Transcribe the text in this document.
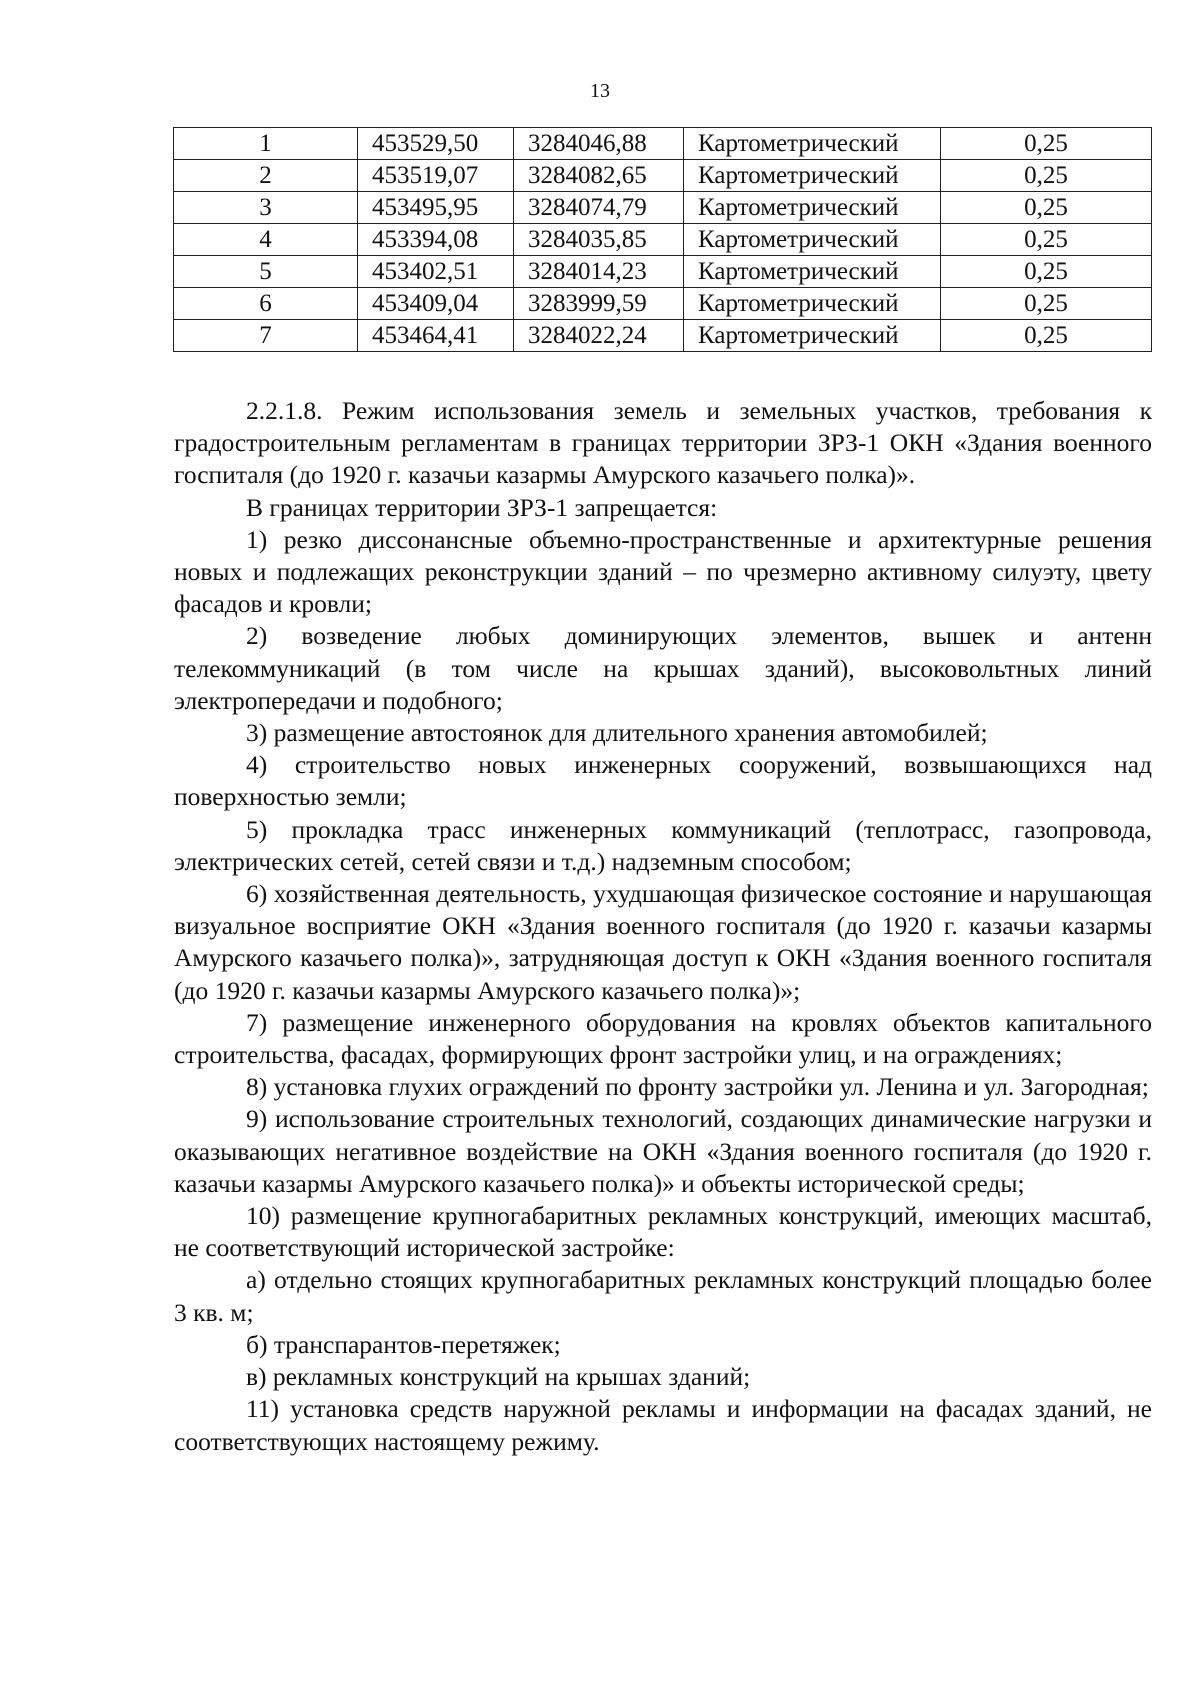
13
1	453529,50	3284046,88	Картометрический	0,25
2	453519,07	3284082,65	Картометрический	0,25
3	453495,95	3284074,79	Картометрический	0,25
4	453394,08	3284035,85	Картометрический	0,25
5	453402,51	3284014,23	Картометрический	0,25
6	453409,04	3283999,59	Картометрический	0,25
7	453464,41	3284022,24	Картометрический	0,25

2.2.1.8. Режим использования земель и земельных участков, требования к градостроительным регламентам в границах территории ЗРЗ-1 ОКН «Здания военного госпиталя (до 1920 г. казачьи казармы Амурского казачьего полка)».

В границах территории ЗРЗ-1 запрещается:

1) резко диссонансные объемно-пространственные и архитектурные решения новых и подлежащих реконструкции зданий – по чрезмерно активному силуэту, цвету фасадов и кровли;

2) возведение любых доминирующих элементов, вышек и антенн телекоммуникаций (в том числе на крышах зданий), высоковольтных линий электропередачи и подобного;

3) размещение автостоянок для длительного хранения автомобилей;

4) строительство новых инженерных сооружений, возвышающихся над поверхностью земли;

5) прокладка трасс инженерных коммуникаций (теплотрасс, газопровода, электрических сетей, сетей связи и т.д.) надземным способом;

6) хозяйственная деятельность, ухудшающая физическое состояние и нарушающая визуальное восприятие ОКН «Здания военного госпиталя (до 1920 г. казачьи казармы Амурского казачьего полка)», затрудняющая доступ к ОКН «Здания военного госпиталя (до 1920 г. казачьи казармы Амурского казачьего полка)»;

7) размещение инженерного оборудования на кровлях объектов капитального строительства, фасадах, формирующих фронт застройки улиц, и на ограждениях;

8) установка глухих ограждений по фронту застройки ул. Ленина и ул. Загородная;

9) использование строительных технологий, создающих динамические нагрузки и оказывающих негативное воздействие на ОКН «Здания военного госпиталя (до 1920 г. казачьи казармы Амурского казачьего полка)» и объекты исторической среды;

10) размещение крупногабаритных рекламных конструкций, имеющих масштаб, не соответствующий исторической застройке:

а) отдельно стоящих крупногабаритных рекламных конструкций площадью более 3 кв. м;

б) транспарантов-перетяжек;

в) рекламных конструкций на крышах зданий;

11) установка средств наружной рекламы и информации на фасадах зданий, не соответствующих настоящему режиму.
